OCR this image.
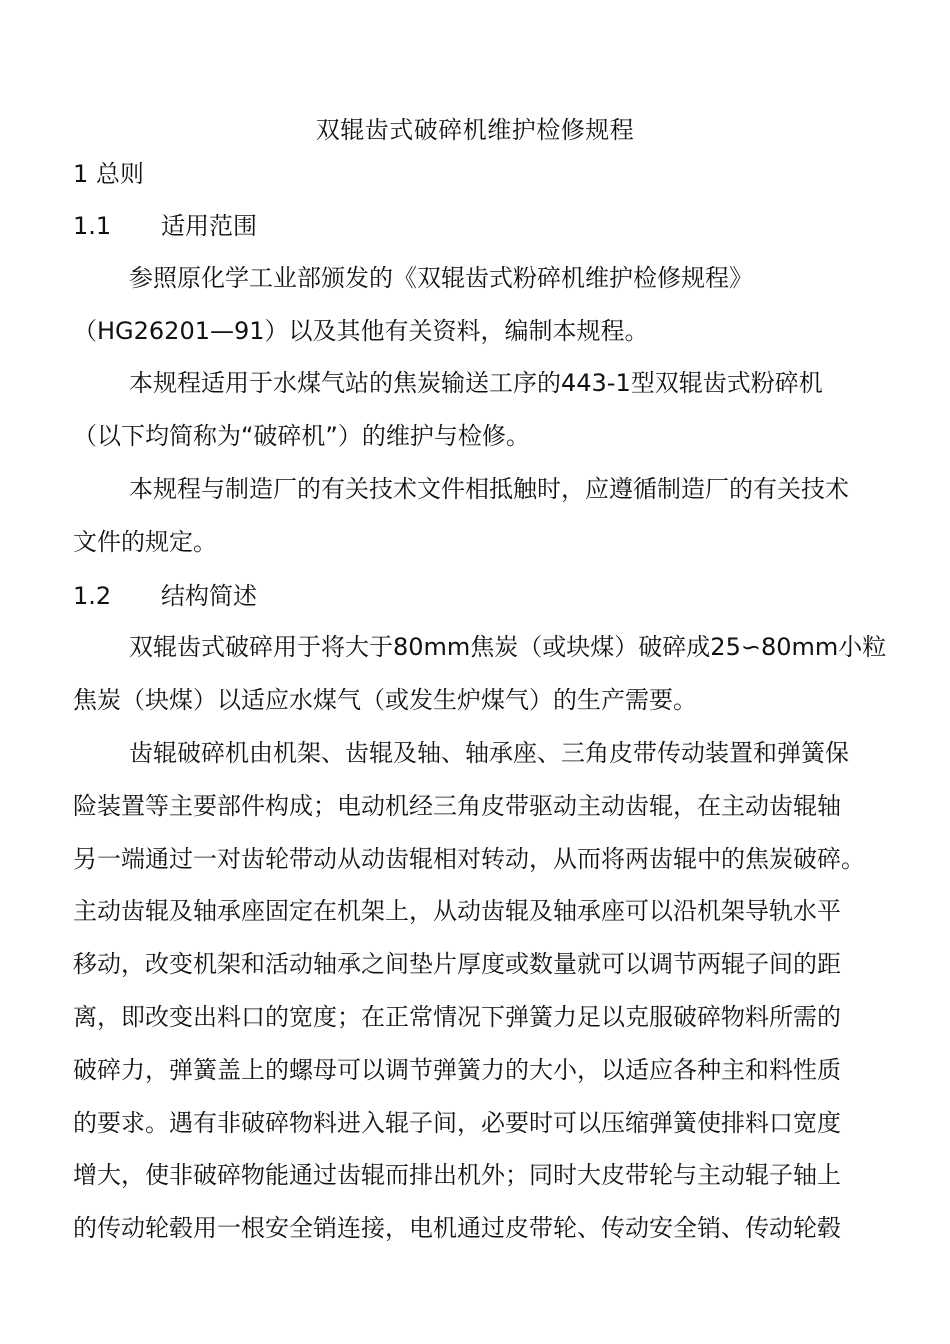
双辊齿式破碎机维护检修规程
1 总则
1.1 适用范围
参照原化学工业部颁发的《双辊齿式粉碎机维护检修规程》
（HG26201—91）以及其他有关资料，编制本规程。
本规程适用于水煤气站的焦炭输送工序的443-1型双辊齿式粉碎机
（以下均简称为“破碎机”）的维护与检修。
本规程与制造厂的有关技术文件相抵触时，应遵循制造厂的有关技术
文件的规定。
1.2 结构简述
双辊齿式破碎用于将大于80mm焦炭（或块煤）破碎成25∽80mm小粒
焦炭（块煤）以适应水煤气（或发生炉煤气）的生产需要。
齿辊破碎机由机架、齿辊及轴、轴承座、三角皮带传动装置和弹簧保
险装置等主要部件构成；电动机经三角皮带驱动主动齿辊，在主动齿辊轴
另一端通过一对齿轮带动从动齿辊相对转动，从而将两齿辊中的焦炭破碎。
主动齿辊及轴承座固定在机架上，从动齿辊及轴承座可以沿机架导轨水平
移动，改变机架和活动轴承之间垫片厚度或数量就可以调节两辊子间的距
离，即改变出料口的宽度；在正常情况下弹簧力足以克服破碎物料所需的
破碎力，弹簧盖上的螺母可以调节弹簧力的大小，以适应各种主和料性质
的要求。遇有非破碎物料进入辊子间，必要时可以压缩弹簧使排料口宽度
增大，使非破碎物能通过齿辊而排出机外；同时大皮带轮与主动辊子轴上
的传动轮毂用一根安全销连接，电机通过皮带轮、传动安全销、传动轮毂
